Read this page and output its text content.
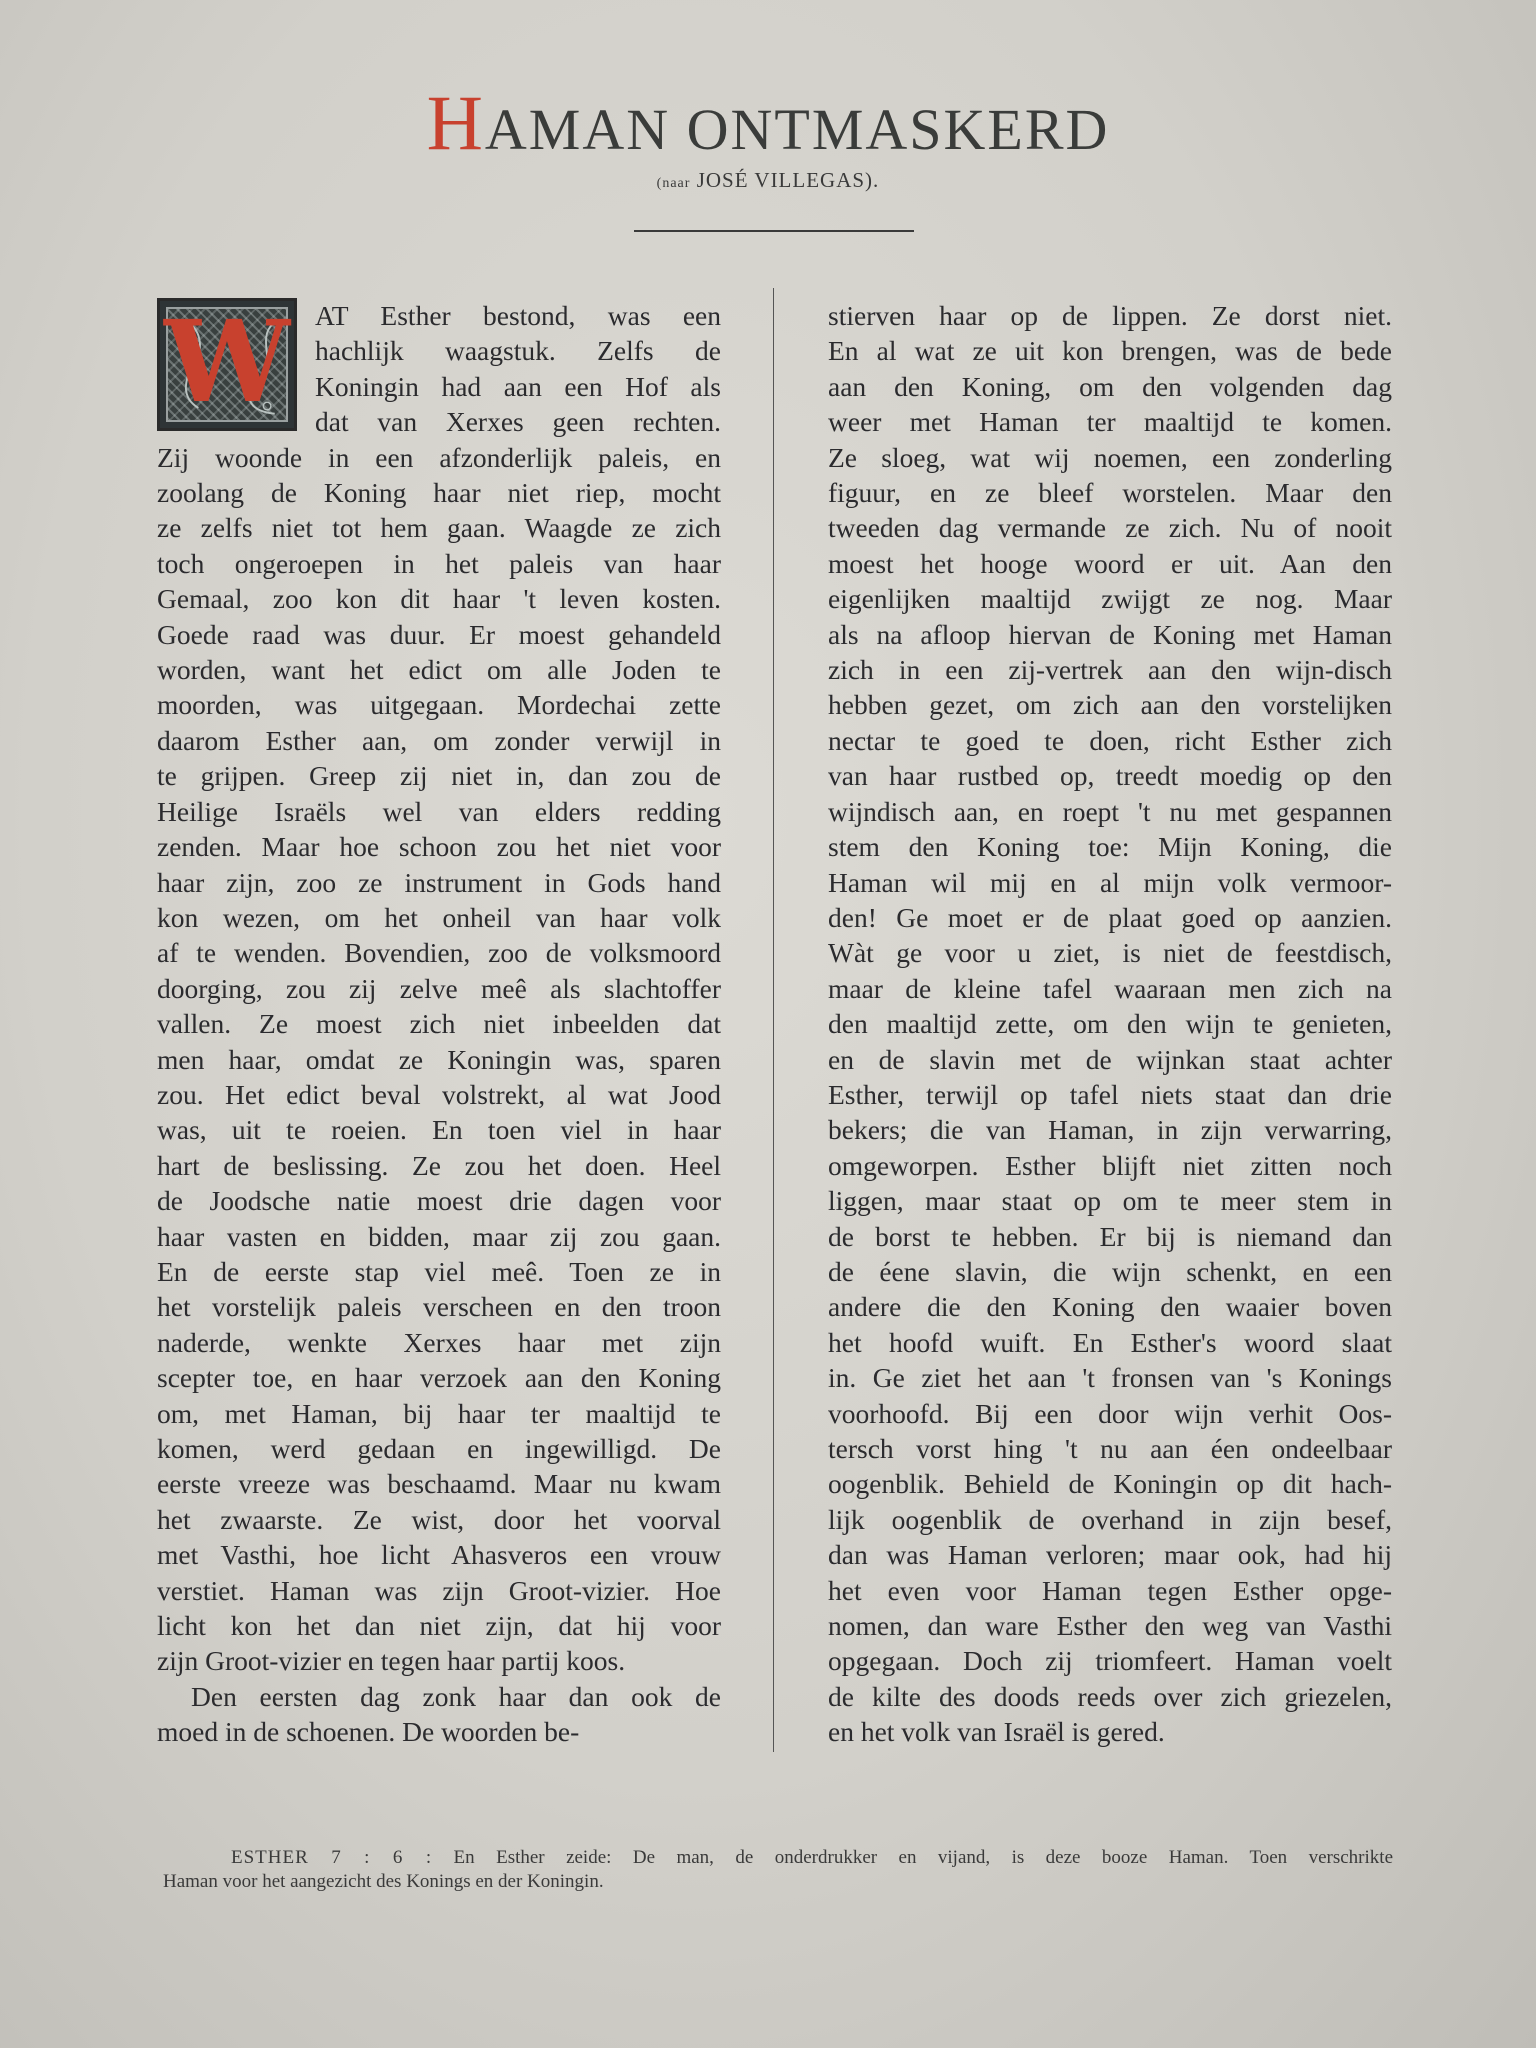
HAMAN ONTMASKERD
(naar JOSÉ VILLEGAS).
W AT Esther bestond, was een
hachlijk waagstuk. Zelfs de
Koningin had aan een Hof als
dat van Xerxes geen rechten.
Zij woonde in een afzonderlijk paleis, en
zoolang de Koning haar niet riep, mocht
ze zelfs niet tot hem gaan. Waagde ze zich
toch ongeroepen in het paleis van haar
Gemaal, zoo kon dit haar 't leven kosten.
Goede raad was duur. Er moest gehandeld
worden, want het edict om alle Joden te
moorden, was uitgegaan. Mordechai zette
daarom Esther aan, om zonder verwijl in
te grijpen. Greep zij niet in, dan zou de
Heilige Israëls wel van elders redding
zenden. Maar hoe schoon zou het niet voor
haar zijn, zoo ze instrument in Gods hand
kon wezen, om het onheil van haar volk
af te wenden. Bovendien, zoo de volksmoord
doorging, zou zij zelve meê als slachtoffer
vallen. Ze moest zich niet inbeelden dat
men haar, omdat ze Koningin was, sparen
zou. Het edict beval volstrekt, al wat Jood
was, uit te roeien. En toen viel in haar
hart de beslissing. Ze zou het doen. Heel
de Joodsche natie moest drie dagen voor
haar vasten en bidden, maar zij zou gaan.
En de eerste stap viel meê. Toen ze in
het vorstelijk paleis verscheen en den troon
naderde, wenkte Xerxes haar met zijn
scepter toe, en haar verzoek aan den Koning
om, met Haman, bij haar ter maaltijd te
komen, werd gedaan en ingewilligd. De
eerste vreeze was beschaamd. Maar nu kwam
het zwaarste. Ze wist, door het voorval
met Vasthi, hoe licht Ahasveros een vrouw
verstiet. Haman was zijn Groot-vizier. Hoe
licht kon het dan niet zijn, dat hij voor
zijn Groot-vizier en tegen haar partij koos.
Den eersten dag zonk haar dan ook de
moed in de schoenen. De woorden be-
stierven haar op de lippen. Ze dorst niet.
En al wat ze uit kon brengen, was de bede
aan den Koning, om den volgenden dag
weer met Haman ter maaltijd te komen.
Ze sloeg, wat wij noemen, een zonderling
figuur, en ze bleef worstelen. Maar den
tweeden dag vermande ze zich. Nu of nooit
moest het hooge woord er uit. Aan den
eigenlijken maaltijd zwijgt ze nog. Maar
als na afloop hiervan de Koning met Haman
zich in een zij-vertrek aan den wijn-disch
hebben gezet, om zich aan den vorstelijken
nectar te goed te doen, richt Esther zich
van haar rustbed op, treedt moedig op den
wijndisch aan, en roept 't nu met gespannen
stem den Koning toe: Mijn Koning, die
Haman wil mij en al mijn volk vermoor-
den! Ge moet er de plaat goed op aanzien.
Wàt ge voor u ziet, is niet de feestdisch,
maar de kleine tafel waaraan men zich na
den maaltijd zette, om den wijn te genieten,
en de slavin met de wijnkan staat achter
Esther, terwijl op tafel niets staat dan drie
bekers; die van Haman, in zijn verwarring,
omgeworpen. Esther blijft niet zitten noch
liggen, maar staat op om te meer stem in
de borst te hebben. Er bij is niemand dan
de éene slavin, die wijn schenkt, en een
andere die den Koning den waaier boven
het hoofd wuift. En Esther's woord slaat
in. Ge ziet het aan 't fronsen van 's Konings
voorhoofd. Bij een door wijn verhit Oos-
tersch vorst hing 't nu aan éen ondeelbaar
oogenblik. Behield de Koningin op dit hach-
lijk oogenblik de overhand in zijn besef,
dan was Haman verloren; maar ook, had hij
het even voor Haman tegen Esther opge-
nomen, dan ware Esther den weg van Vasthi
opgegaan. Doch zij triomfeert. Haman voelt
de kilte des doods reeds over zich griezelen,
en het volk van Israël is gered.
ESTHER 7 : 6 : En Esther zeide: De man, de onderdrukker en vijand, is deze booze Haman. Toen verschrikte
Haman voor het aangezicht des Konings en der Koningin.
